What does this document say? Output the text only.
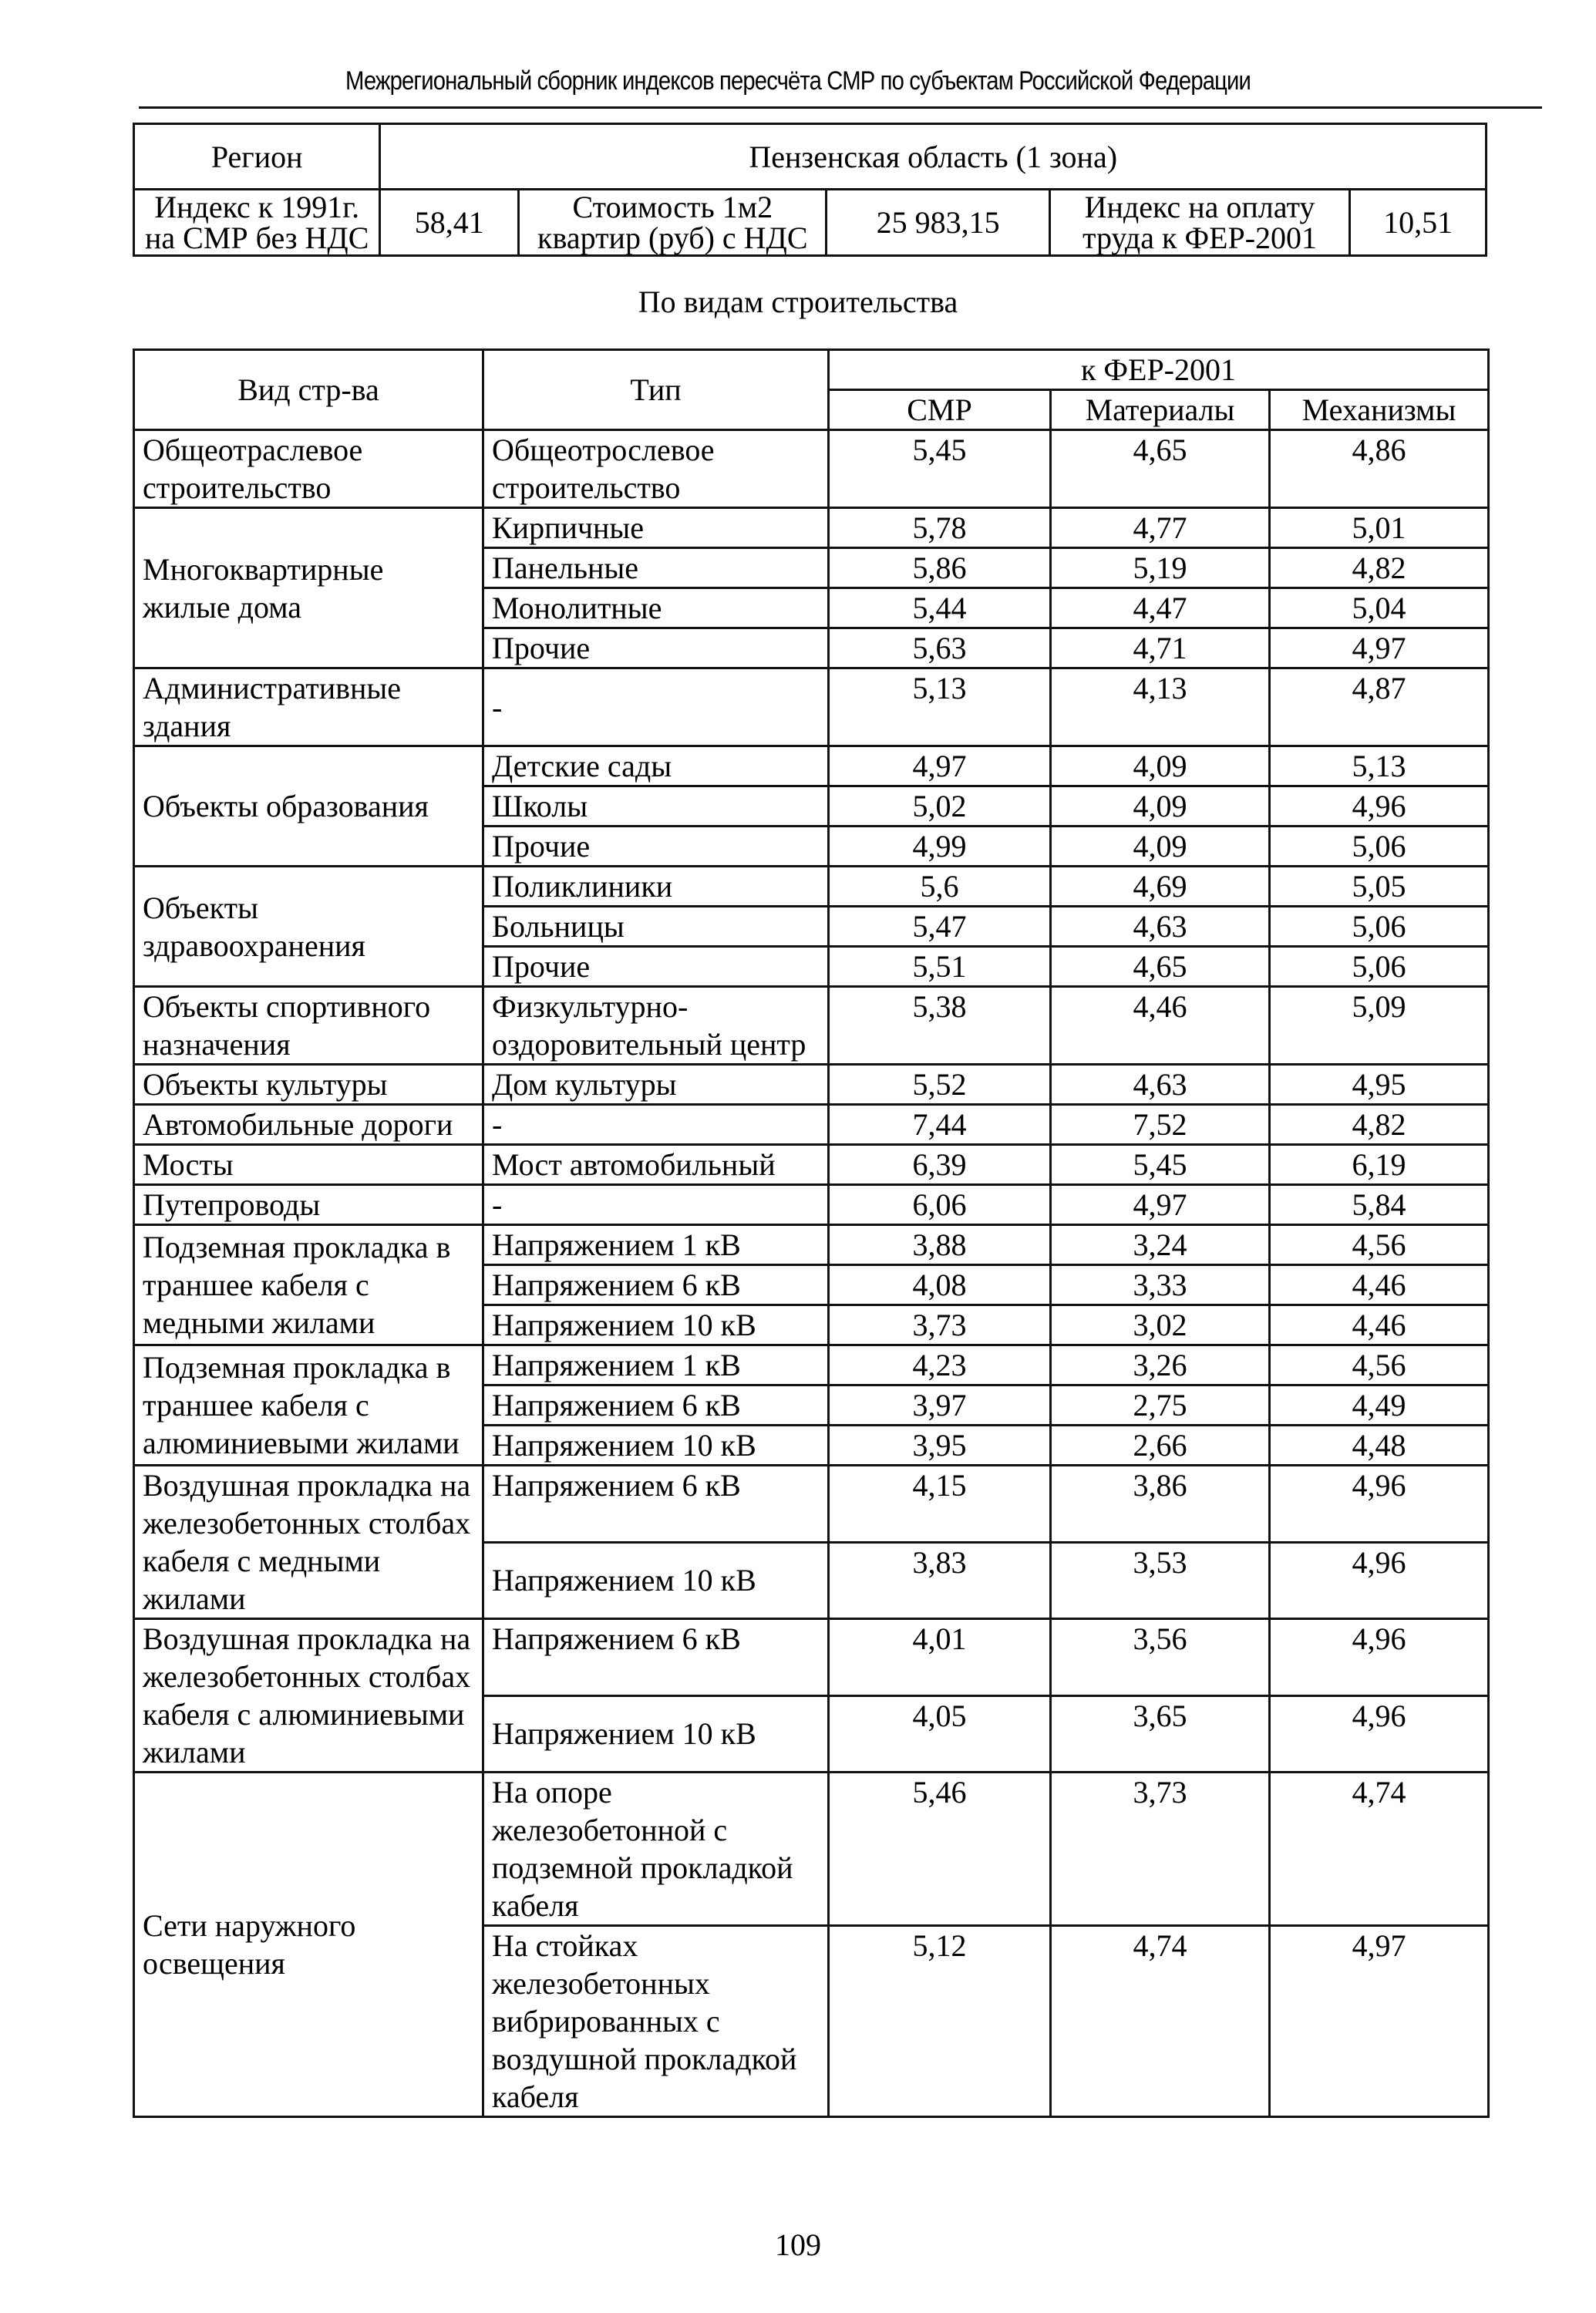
Межрегиональный сборник индексов пересчёта СМР по субъектам Российской Федерации
Регион	Пензенская область (1 зона)				
Индекс к 1991г. на СМР без НДС	58,41	Стоимость 1м2 квартир (руб) с НДС	25 983,15	Индекс на оплату труда к ФЕР-2001	10,51
По видам строительства
Вид стр-ва	Тип	к ФЕР-2001		
		СМР	Материалы	Механизмы
Общеотраслевое строительство	Общеотрослевое строительство	5,45	4,65	4,86
Многоквартирные жилые дома	Кирпичные	5,78	4,77	5,01
	Панельные	5,86	5,19	4,82
	Монолитные	5,44	4,47	5,04
	Прочие	5,63	4,71	4,97
Административные здания	-	5,13	4,13	4,87
Объекты образования	Детские сады	4,97	4,09	5,13
	Школы	5,02	4,09	4,96
	Прочие	4,99	4,09	5,06
Объекты здравоохранения	Поликлиники	5,6	4,69	5,05
	Больницы	5,47	4,63	5,06
	Прочие	5,51	4,65	5,06
Объекты спортивного назначения	Физкультурно-оздоровительный центр	5,38	4,46	5,09
Объекты культуры	Дом культуры	5,52	4,63	4,95
Автомобильные дороги	-	7,44	7,52	4,82
Мосты	Мост автомобильный	6,39	5,45	6,19
Путепроводы	-	6,06	4,97	5,84
Подземная прокладка в траншее кабеля с медными жилами	Напряжением 1 кВ	3,88	3,24	4,56
	Напряжением 6 кВ	4,08	3,33	4,46
	Напряжением 10 кВ	3,73	3,02	4,46
Подземная прокладка в траншее кабеля с алюминиевыми жилами	Напряжением 1 кВ	4,23	3,26	4,56
	Напряжением 6 кВ	3,97	2,75	4,49
	Напряжением 10 кВ	3,95	2,66	4,48
Воздушная прокладка на железобетонных столбах кабеля с медными жилами	Напряжением 6 кВ	4,15	3,86	4,96
	Напряжением 10 кВ	3,83	3,53	4,96
Воздушная прокладка на железобетонных столбах кабеля с алюминиевыми жилами	Напряжением 6 кВ	4,01	3,56	4,96
	Напряжением 10 кВ	4,05	3,65	4,96
Сети наружного освещения	На опоре железобетонной с подземной прокладкой кабеля	5,46	3,73	4,74
	На стойках железобетонных вибрированных с воздушной прокладкой кабеля	5,12	4,74	4,97
109
